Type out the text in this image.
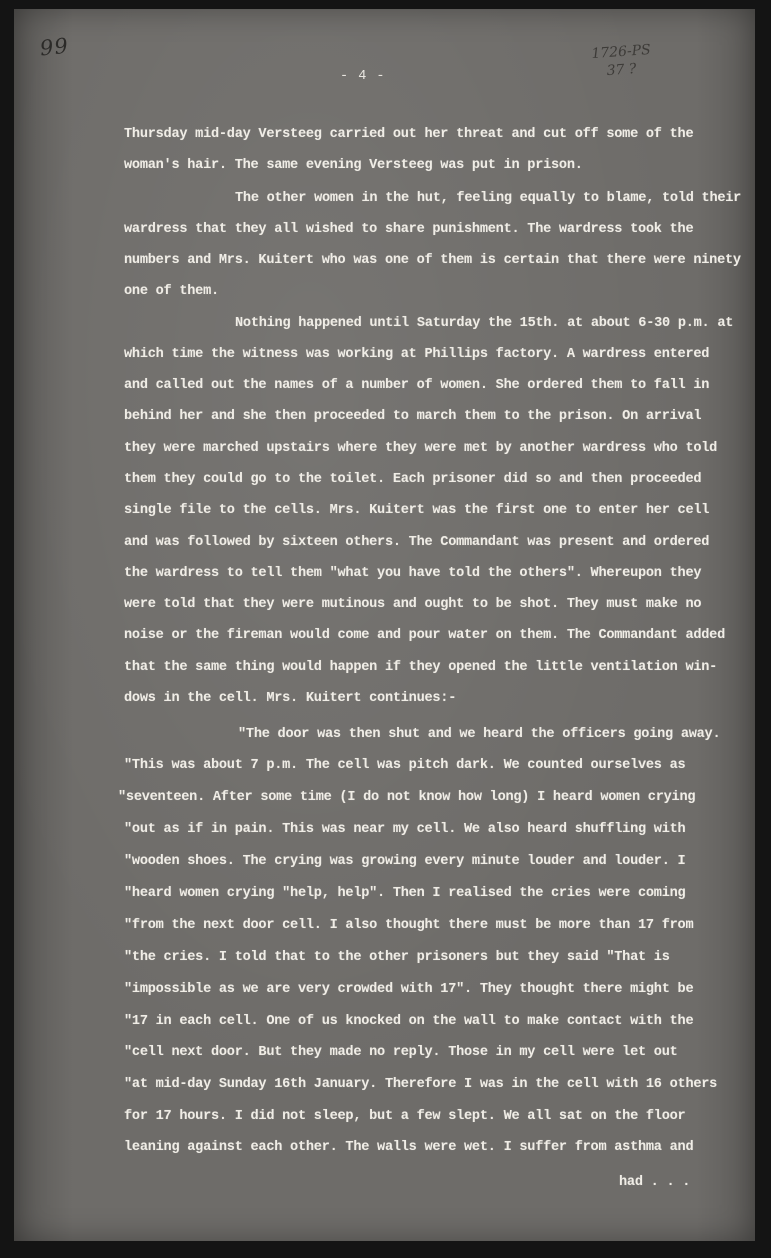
99	1726-PS
37 ?
- 4 -
Thursday mid-day Versteeg carried out her threat and cut off some of the
woman's hair. The same evening Versteeg was put in prison.
The other women in the hut, feeling equally to blame, told their
wardress that they all wished to share punishment. The wardress took the
numbers and Mrs. Kuitert who was one of them is certain that there were ninety
one of them.
Nothing happened until Saturday the 15th. at about 6-30 p.m. at
which time the witness was working at Phillips factory. A wardress entered
and called out the names of a number of women. She ordered them to fall in
behind her and she then proceeded to march them to the prison. On arrival
they were marched upstairs where they were met by another wardress who told
them they could go to the toilet. Each prisoner did so and then proceeded
single file to the cells. Mrs. Kuitert was the first one to enter her cell
and was followed by sixteen others. The Commandant was present and ordered
the wardress to tell them "what you have told the others". Whereupon they
were told that they were mutinous and ought to be shot. They must make no
noise or the fireman would come and pour water on them. The Commandant added
that the same thing would happen if they opened the little ventilation win-
dows in the cell. Mrs. Kuitert continues:-
"The door was then shut and we heard the officers going away.
"This was about 7 p.m. The cell was pitch dark. We counted ourselves as
"seventeen. After some time (I do not know how long) I heard women crying
"out as if in pain. This was near my cell. We also heard shuffling with
"wooden shoes. The crying was growing every minute louder and louder. I
"heard women crying "help, help". Then I realised the cries were coming
"from the next door cell. I also thought there must be more than 17 from
"the cries. I told that to the other prisoners but they said "That is
"impossible as we are very crowded with 17". They thought there might be
"17 in each cell. One of us knocked on the wall to make contact with the
"cell next door. But they made no reply. Those in my cell were let out
"at mid-day Sunday 16th January. Therefore I was in the cell with 16 others
for 17 hours. I did not sleep, but a few slept. We all sat on the floor
leaning against each other. The walls were wet. I suffer from asthma and
had . . .
